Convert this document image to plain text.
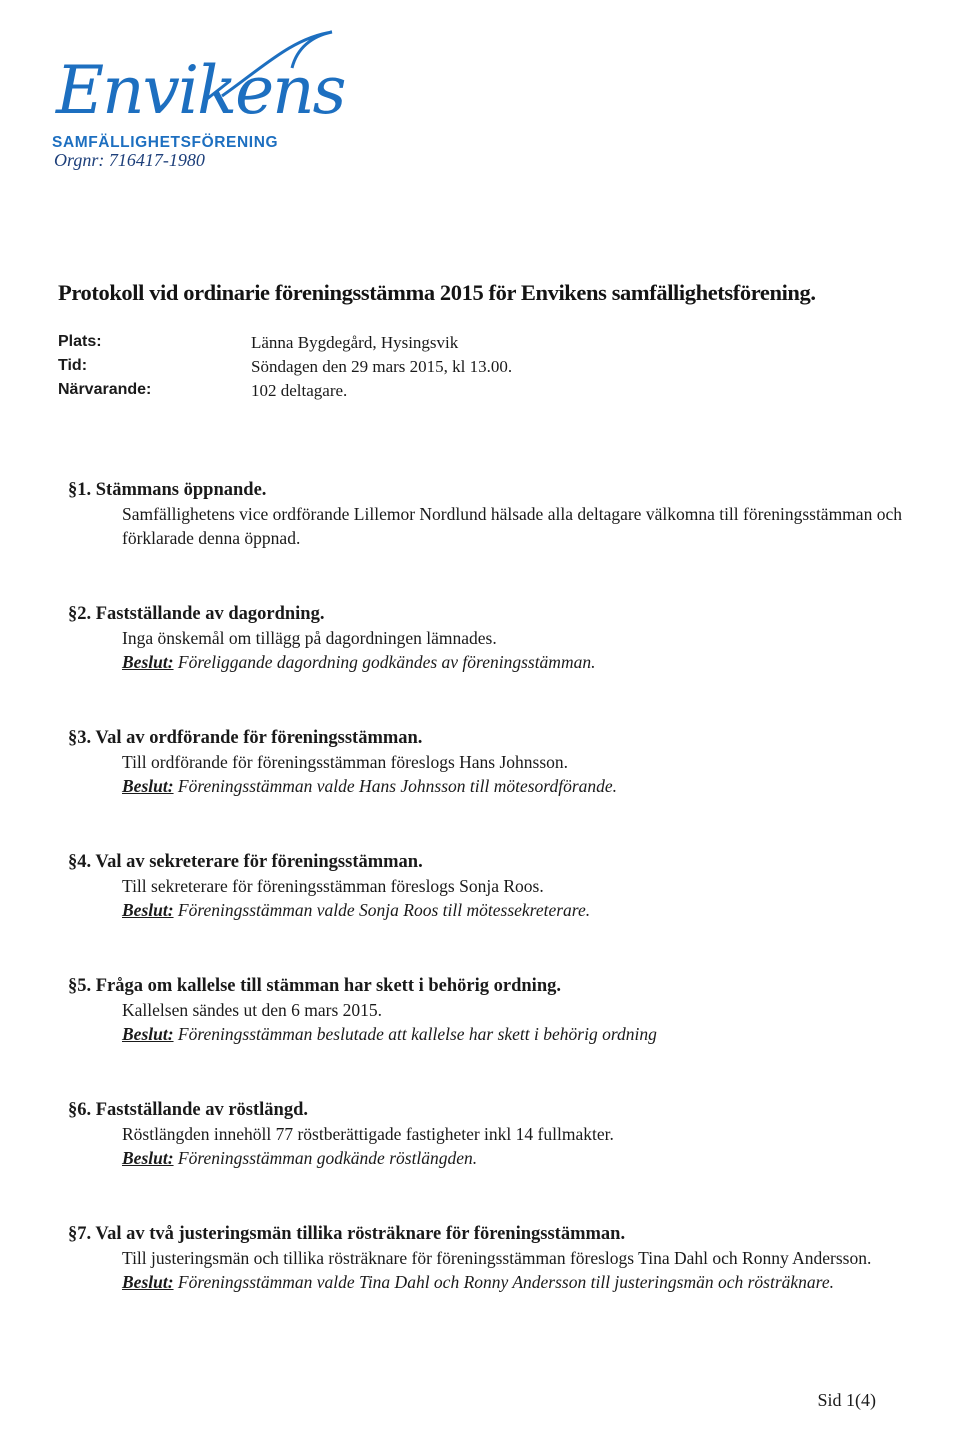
Envikens
SAMFÄLLIGHETSFÖRENING
Orgnr: 716417-1980
Protokoll vid ordinarie föreningsstämma 2015 för Envikens samfällighetsförening.
Plats:	Länna Bygdegård, Hysingsvik
Tid:	Söndagen den 29 mars 2015, kl 13.00.
Närvarande:	102 deltagare.
§1. Stämmans öppnande.
Samfällighetens vice ordförande Lillemor Nordlund hälsade alla deltagare välkomna till föreningsstämman och förklarade denna öppnad.
§2. Fastställande av dagordning.
Inga önskemål om tillägg på dagordningen lämnades.
Beslut: Föreliggande dagordning godkändes av föreningsstämman.
§3. Val av ordförande för föreningsstämman.
Till ordförande för föreningsstämman föreslogs Hans Johnsson.
Beslut: Föreningsstämman valde Hans Johnsson till mötesordförande.
§4. Val av sekreterare för föreningsstämman.
Till sekreterare för föreningsstämman föreslogs Sonja Roos.
Beslut: Föreningsstämman valde Sonja Roos till mötessekreterare.
§5. Fråga om kallelse till stämman har skett i behörig ordning.
Kallelsen sändes ut den 6 mars 2015.
Beslut: Föreningsstämman beslutade att kallelse har skett i behörig ordning
§6. Fastställande av röstlängd.
Röstlängden innehöll 77 röstberättigade fastigheter inkl 14 fullmakter.
Beslut: Föreningsstämman godkände röstlängden.
§7. Val av två justeringsmän tillika rösträknare för föreningsstämman.
Till justeringsmän och tillika rösträknare för föreningsstämman föreslogs Tina Dahl och Ronny Andersson.
Beslut: Föreningsstämman valde Tina Dahl och Ronny Andersson till justeringsmän och rösträknare.
Sid 1(4)
